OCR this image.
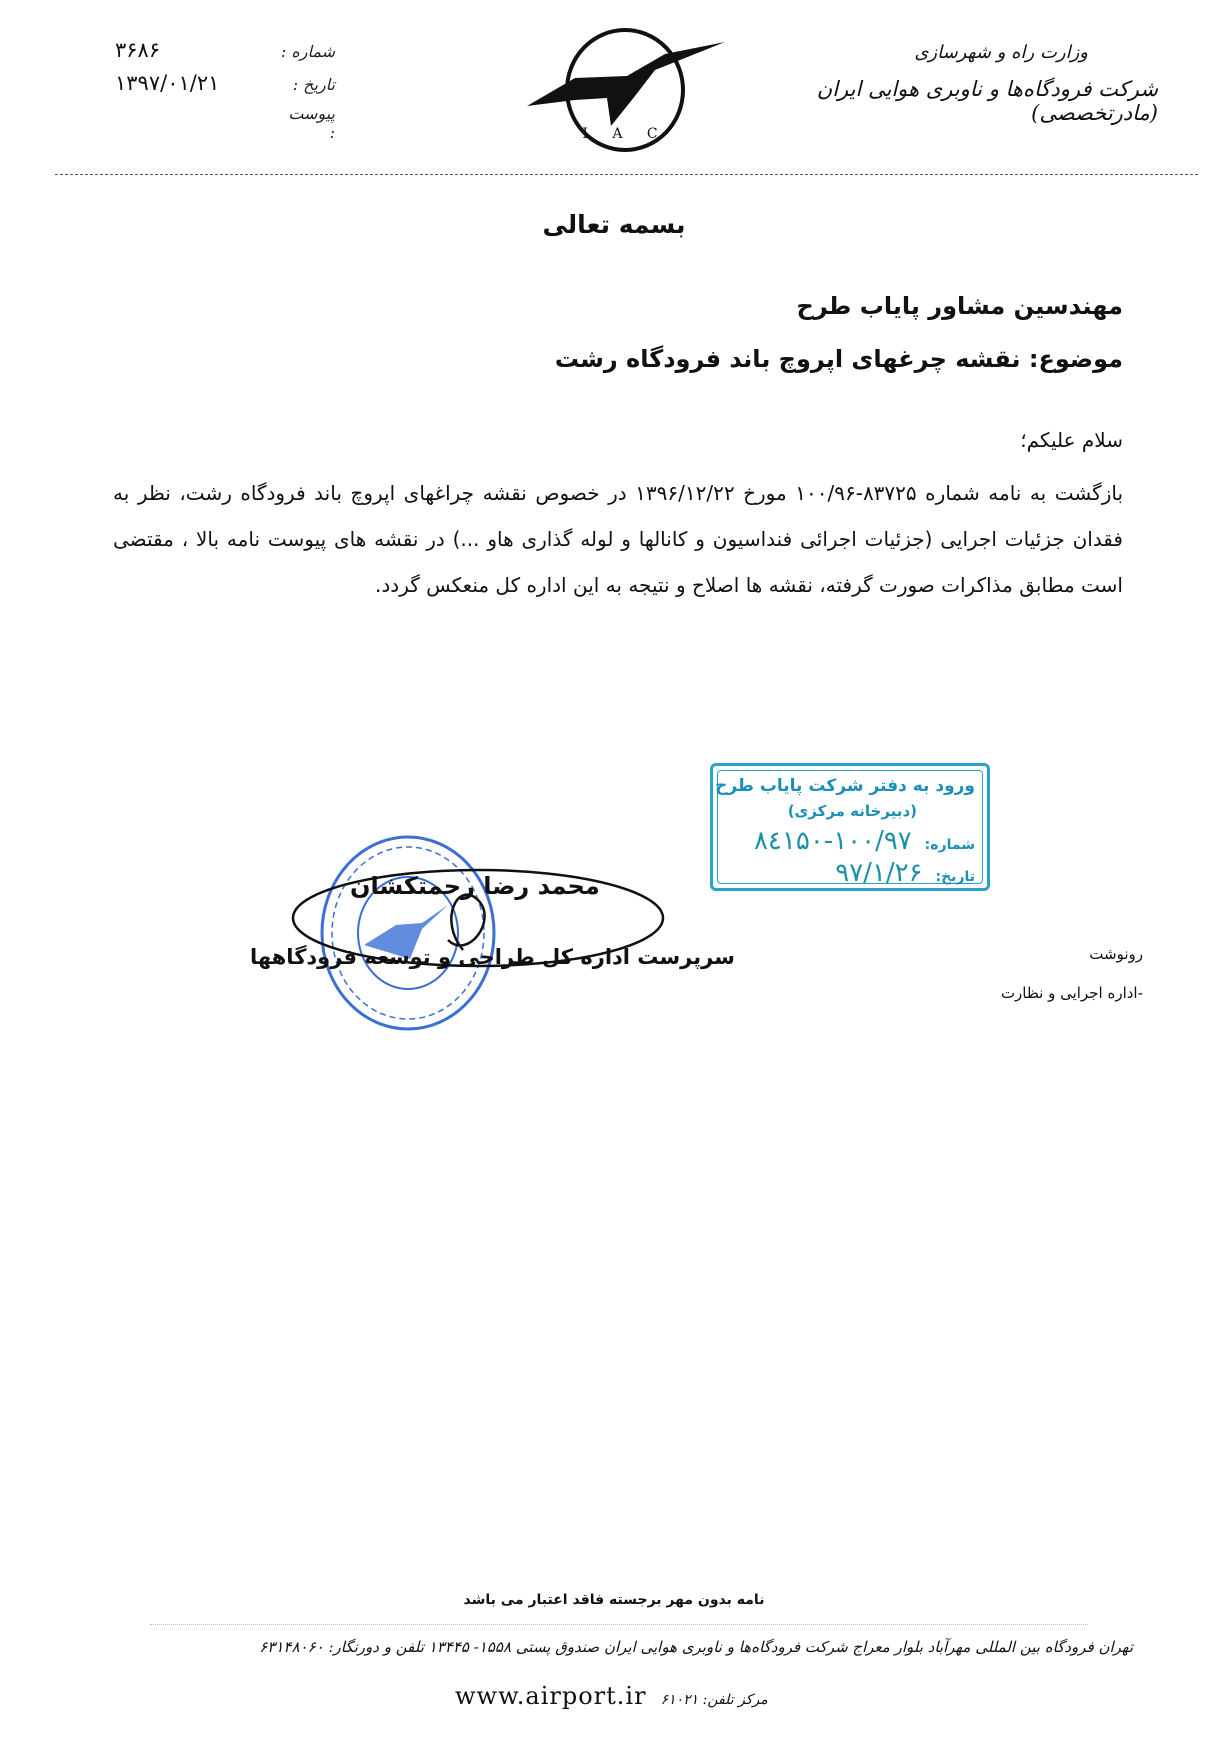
شماره :
۳۶۸۶
تاریخ :
۱۳۹۷/۰۱/۲۱
پیوست :	I A C
وزارت راه و شهرسازی
شرکت فرودگاه‌ها و ناوبری هوایی ایران (مادرتخصصی)
بسمه تعالی
مهندسین مشاور پایاب طرح
موضوع: نقشه چرغهای اپروچ باند فرودگاه رشت
سلام علیکم؛
بازگشت به نامه شماره ۸۳۷۲۵-۱۰۰/۹۶ مورخ ۱۳۹۶/۱۲/۲۲ در خصوص نقشه چراغهای اپروچ باند فرودگاه رشت، نظر به فقدان جزئیات اجرایی (جزئیات اجرائی فنداسیون و کانالها و لوله گذاری هاو ...) در نقشه های پیوست نامه بالا ، مقتضی است مطابق مذاکرات صورت گرفته، نقشه ها اصلاح و نتیجه به این اداره کل منعکس گردد.
ورود به دفتر شرکت پایاب طرح
(دبیرخانه مرکزی)
شماره: ۱۰۰/۹۷-۸٤۱۵۰
تاریخ: ۹۷/۱/۲۶
محمد رضا رحمتکشان
سرپرست اداره کل طراحی و توسعه فرودگاهها	رونوشت
-اداره اجرایی و نظارت
نامه بدون مهر برجسته فاقد اعتبار می باشد
تهران فرودگاه بین المللی مهرآباد بلوار معراج شرکت فرودگاه‌ها و ناوبری هوایی ایران صندوق پستی ۱۵۵۸- ۱۳۴۴۵ تلفن و دورنگار: ۶۳۱۴۸۰۶۰
www.airport.ir مرکز تلفن: ۶۱۰۲۱
